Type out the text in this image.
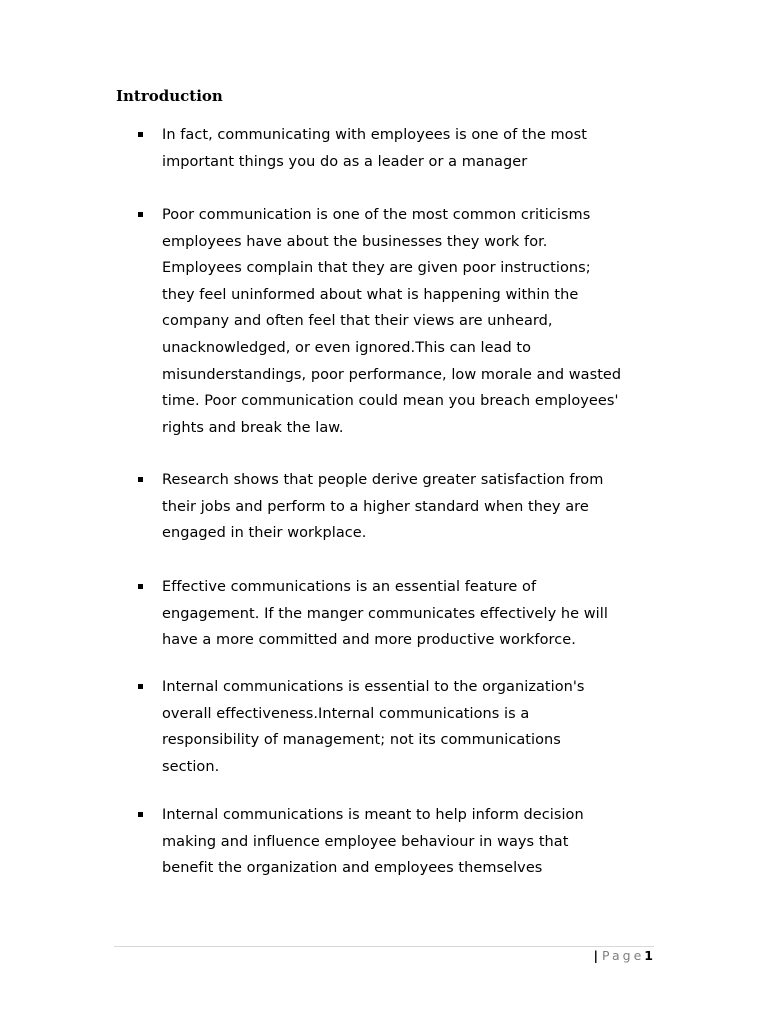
Introduction
In fact, communicating with employees is one of the most
important things you do as a leader or a manager
Poor communication is one of the most common criticisms
employees have about the businesses they work for.
Employees complain that they are given poor instructions;
they feel uninformed about what is happening within the
company and often feel that their views are unheard,
unacknowledged, or even ignored.This can lead to
misunderstandings, poor performance, low morale and wasted
time. Poor communication could mean you breach employees'
rights and break the law.
Research shows that people derive greater satisfaction from
their jobs and perform to a higher standard when they are
engaged in their workplace.
Effective communications is an essential feature of
engagement. If the manger communicates effectively he will
have a more committed and more productive workforce.
Internal communications is essential to the organization's
overall effectiveness.Internal communications is a
responsibility of management; not its communications
section.
Internal communications is meant to help inform decision
making and influence employee behaviour in ways that
benefit the organization and employees themselves
| Page1
